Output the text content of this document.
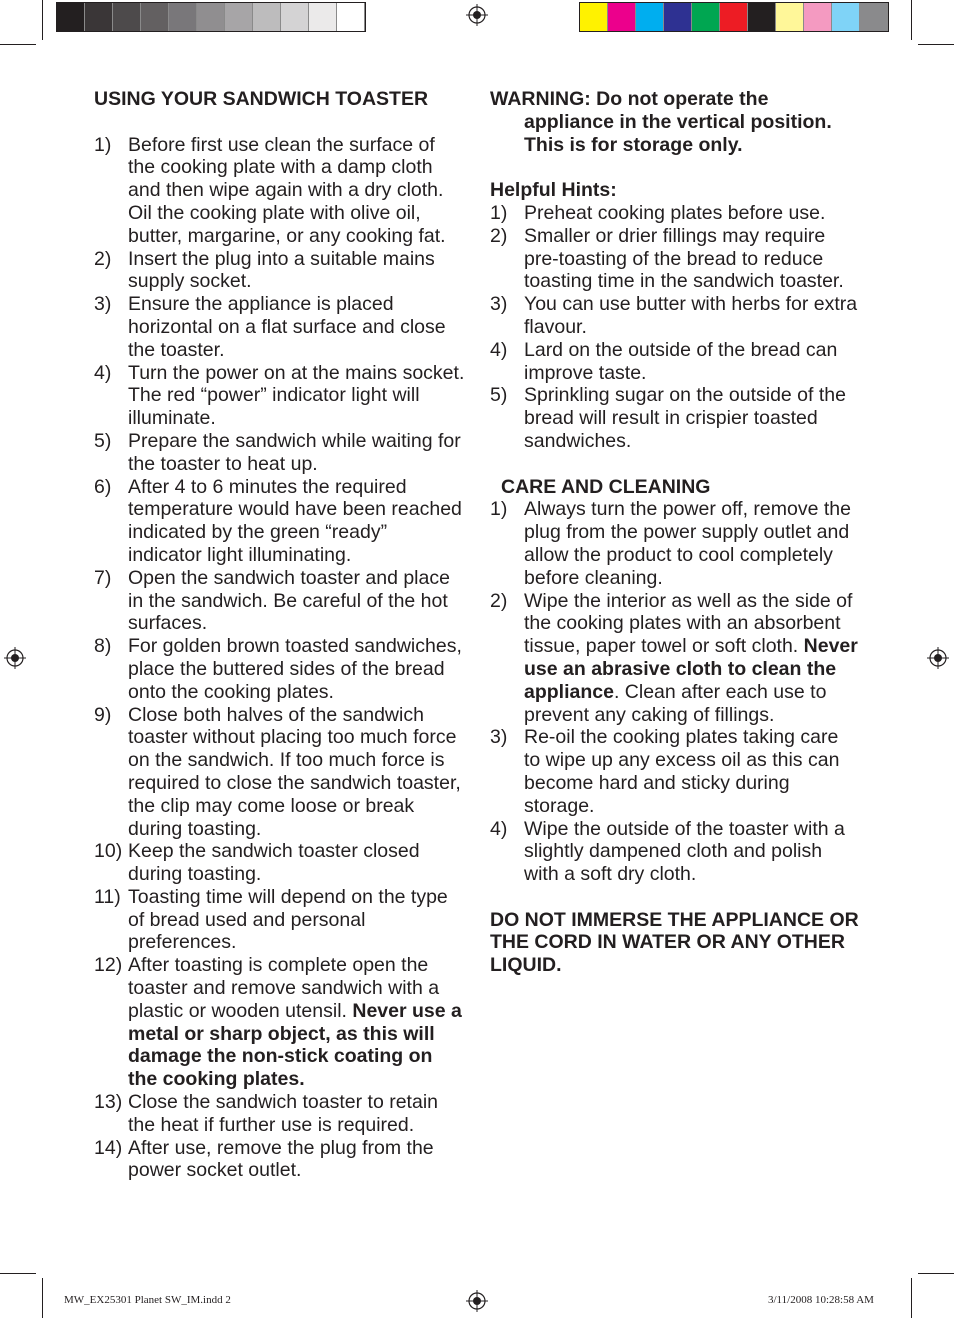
USING YOUR SANDWICH TOASTER
1) Before first use clean the surface of the cooking plate with a damp cloth and then wipe again with a dry cloth. Oil the cooking plate with olive oil, butter, margarine, or any cooking fat.
2) Insert the plug into a suitable mains supply socket.
3) Ensure the appliance is placed horizontal on a flat surface and close the toaster.
4) Turn the power on at the mains socket. The red “power” indicator light will illuminate.
5) Prepare the sandwich while waiting for the toaster to heat up.
6) After 4 to 6 minutes the required temperature would have been reached indicated by the green “ready” indicator light illuminating.
7) Open the sandwich toaster and place in the sandwich. Be careful of the hot surfaces.
8) For golden brown toasted sandwiches, place the buttered sides of the bread onto the cooking plates.
9) Close both halves of the sandwich toaster without placing too much force on the sandwich. If too much force is required to close the sandwich toaster, the clip may come loose or break during toasting.
10) Keep the sandwich toaster closed during toasting.
11) Toasting time will depend on the type of bread used and personal preferences.
12) After toasting is complete open the toaster and remove sandwich with a plastic or wooden utensil. Never use a metal or sharp object, as this will damage the non-stick coating on the cooking plates.
13) Close the sandwich toaster to retain the heat if further use is required.
14) After use, remove the plug from the power socket outlet.
WARNING: Do not operate the appliance in the vertical position. This is for storage only.
Helpful Hints:
1) Preheat cooking plates before use.
2) Smaller or drier fillings may require pre-toasting of the bread to reduce toasting time in the sandwich toaster.
3) You can use butter with herbs for extra flavour.
4) Lard on the outside of the bread can improve taste.
5) Sprinkling sugar on the outside of the bread will result in crispier toasted sandwiches.
CARE AND CLEANING
1) Always turn the power off, remove the plug from the power supply outlet and allow the product to cool completely before cleaning.
2) Wipe the interior as well as the side of the cooking plates with an absorbent tissue, paper towel or soft cloth. Never use an abrasive cloth to clean the appliance. Clean after each use to prevent any caking of fillings.
3) Re-oil the cooking plates taking care to wipe up any excess oil as this can become hard and sticky during storage.
4) Wipe the outside of the toaster with a slightly dampened cloth and polish with a soft dry cloth.
DO NOT IMMERSE THE APPLIANCE OR THE CORD IN WATER OR ANY OTHER LIQUID.
MW_EX25301 Planet SW_IM.indd 2	3/11/2008 10:28:58 AM
